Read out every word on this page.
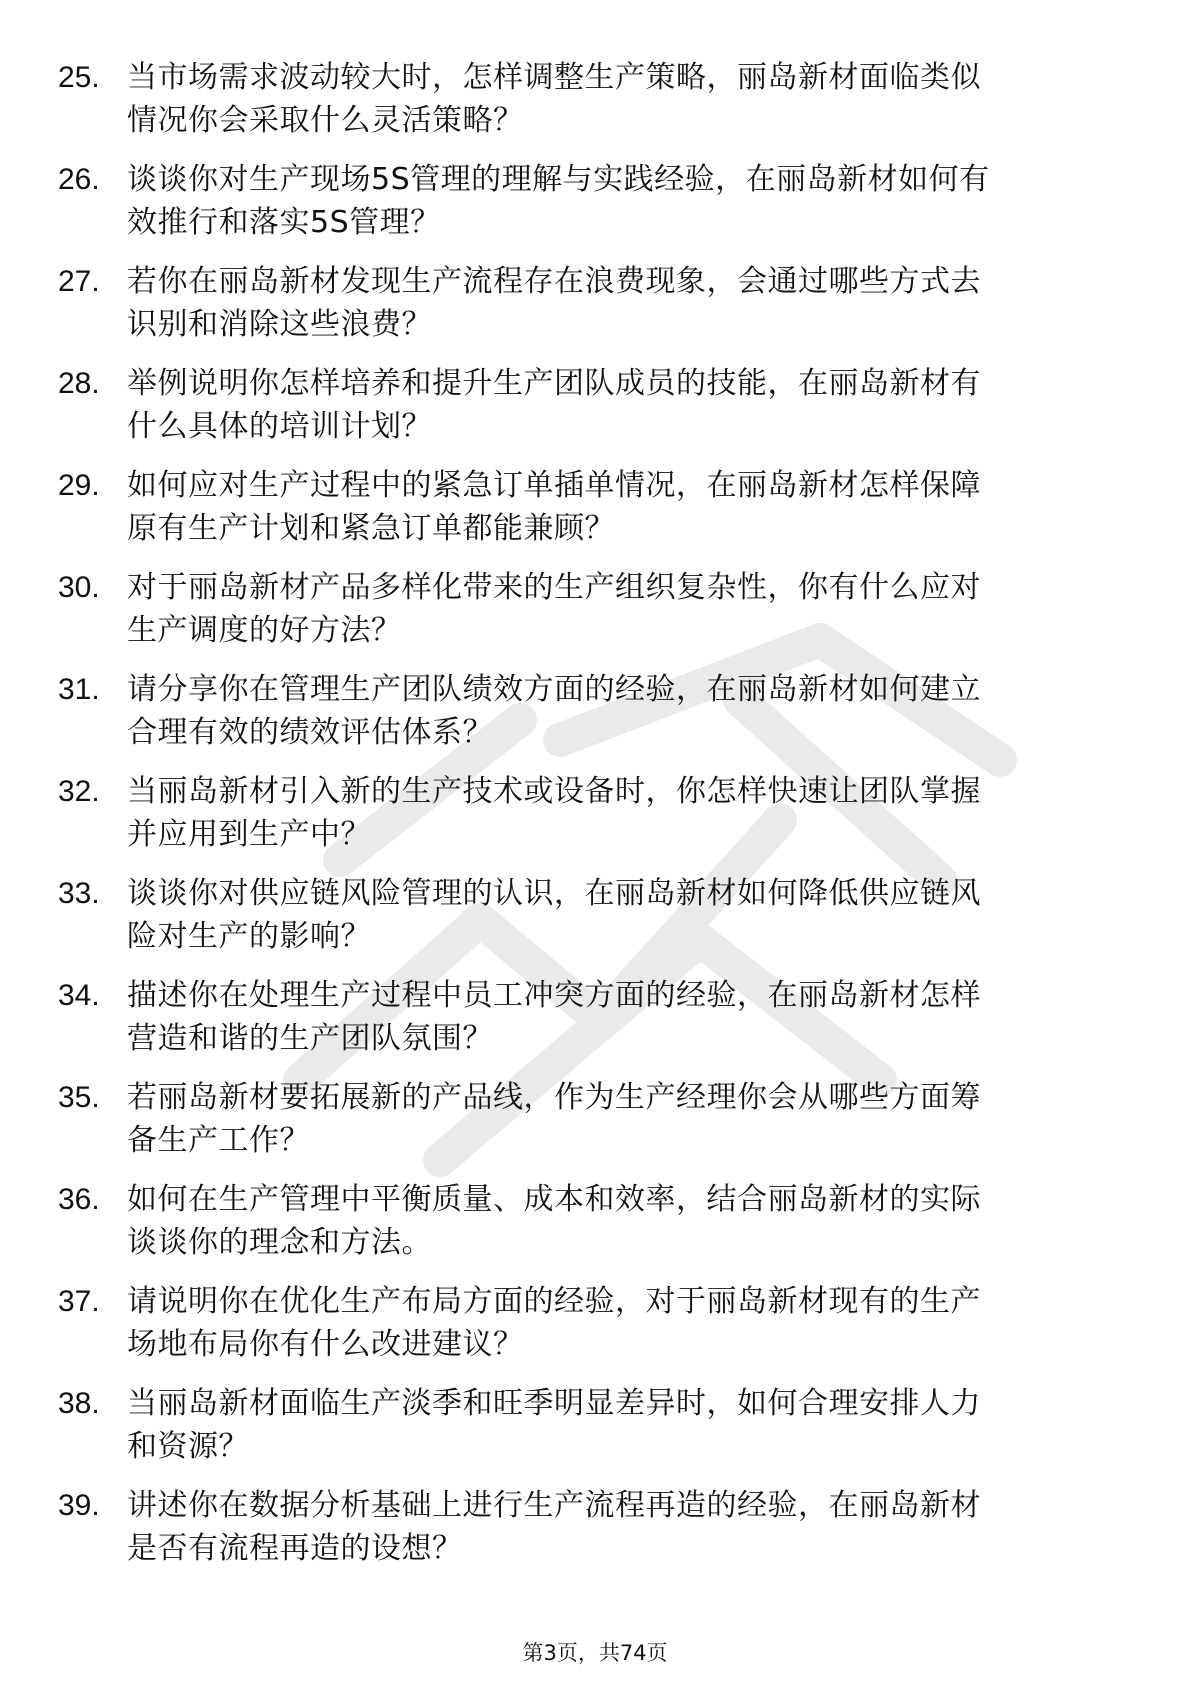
25. 当市场需求波动较大时，怎样调整生产策略，丽岛新材面临类似
情况你会采取什么灵活策略？
26. 谈谈你对生产现场5S管理的理解与实践经验，在丽岛新材如何有
效推行和落实5S管理？
27. 若你在丽岛新材发现生产流程存在浪费现象，会通过哪些方式去
识别和消除这些浪费？
28. 举例说明你怎样培养和提升生产团队成员的技能，在丽岛新材有
什么具体的培训计划？
29. 如何应对生产过程中的紧急订单插单情况，在丽岛新材怎样保障
原有生产计划和紧急订单都能兼顾？
30. 对于丽岛新材产品多样化带来的生产组织复杂性，你有什么应对
生产调度的好方法？
31. 请分享你在管理生产团队绩效方面的经验，在丽岛新材如何建立
合理有效的绩效评估体系？
32. 当丽岛新材引入新的生产技术或设备时，你怎样快速让团队掌握
并应用到生产中？
33. 谈谈你对供应链风险管理的认识，在丽岛新材如何降低供应链风
险对生产的影响？
34. 描述你在处理生产过程中员工冲突方面的经验，在丽岛新材怎样
营造和谐的生产团队氛围？
35. 若丽岛新材要拓展新的产品线，作为生产经理你会从哪些方面筹
备生产工作？
36. 如何在生产管理中平衡质量、成本和效率，结合丽岛新材的实际
谈谈你的理念和方法。
37. 请说明你在优化生产布局方面的经验，对于丽岛新材现有的生产
场地布局你有什么改进建议？
38. 当丽岛新材面临生产淡季和旺季明显差异时，如何合理安排人力
和资源？
39. 讲述你在数据分析基础上进行生产流程再造的经验，在丽岛新材
是否有流程再造的设想？
第3页，共74页
